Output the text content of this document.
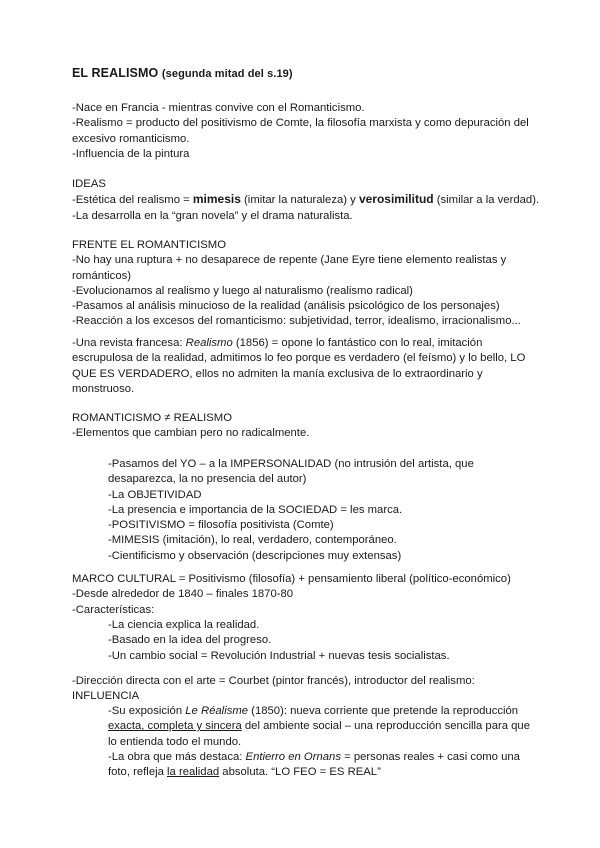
EL REALISMO (segunda mitad del s.19)
-Nace en Francia - mientras convive con el Romanticismo.
-Realismo = producto del positivismo de Comte, la filosofía marxista y como depuración del
excesivo romanticismo.
-Influencia de la pintura
IDEAS
-Estética del realismo = mimesis (imitar la naturaleza) y verosimilitud (similar a la verdad).
-La desarrolla en la “gran novela” y el drama naturalista.
FRENTE EL ROMANTICISMO
-No hay una ruptura + no desaparece de repente (Jane Eyre tiene elemento realistas y
románticos)
-Evolucionamos al realismo y luego al naturalismo (realismo radical)
-Pasamos al análisis minucioso de la realidad (análisis psicológico de los personajes)
-Reacción a los excesos del romanticismo: subjetividad, terror, idealismo, irracionalismo...
-Una revista francesa: Realismo (1856) = opone lo fantástico con lo real, imitación
escrupulosa de la realidad, admitimos lo feo porque es verdadero (el feísmo) y lo bello, LO
QUE ES VERDADERO, ellos no admiten la manía exclusiva de lo extraordinario y
monstruoso.
ROMANTICISMO ≠ REALISMO
-Elementos que cambian pero no radicalmente.
-Pasamos del YO – a la IMPERSONALIDAD (no intrusión del artista, que
desaparezca, la no presencia del autor)
-La OBJETIVIDAD
-La presencia e importancia de la SOCIEDAD = les marca.
-POSITIVISMO = filosofía positivista (Comte)
-MIMESIS (imitación), lo real, verdadero, contemporáneo.
-Cientificismo y observación (descripciones muy extensas)
MARCO CULTURAL = Positivismo (filosofía) + pensamiento liberal (político-económico)
-Desde alrededor de 1840 – finales 1870-80
-Características:
-La ciencia explica la realidad.
-Basado en la idea del progreso.
-Un cambio social = Revolución Industrial + nuevas tesis socialistas.
-Dirección directa con el arte = Courbet (pintor francés), introductor del realismo:
INFLUENCIA
-Su exposición Le Réalisme (1850): nueva corriente que pretende la reproducción
exacta, completa y sincera del ambiente social – una reproducción sencilla para que
lo entienda todo el mundo.
-La obra que más destaca: Entierro en Ornans = personas reales + casi como una
foto, refleja la realidad absoluta. “LO FEO = ES REAL”
